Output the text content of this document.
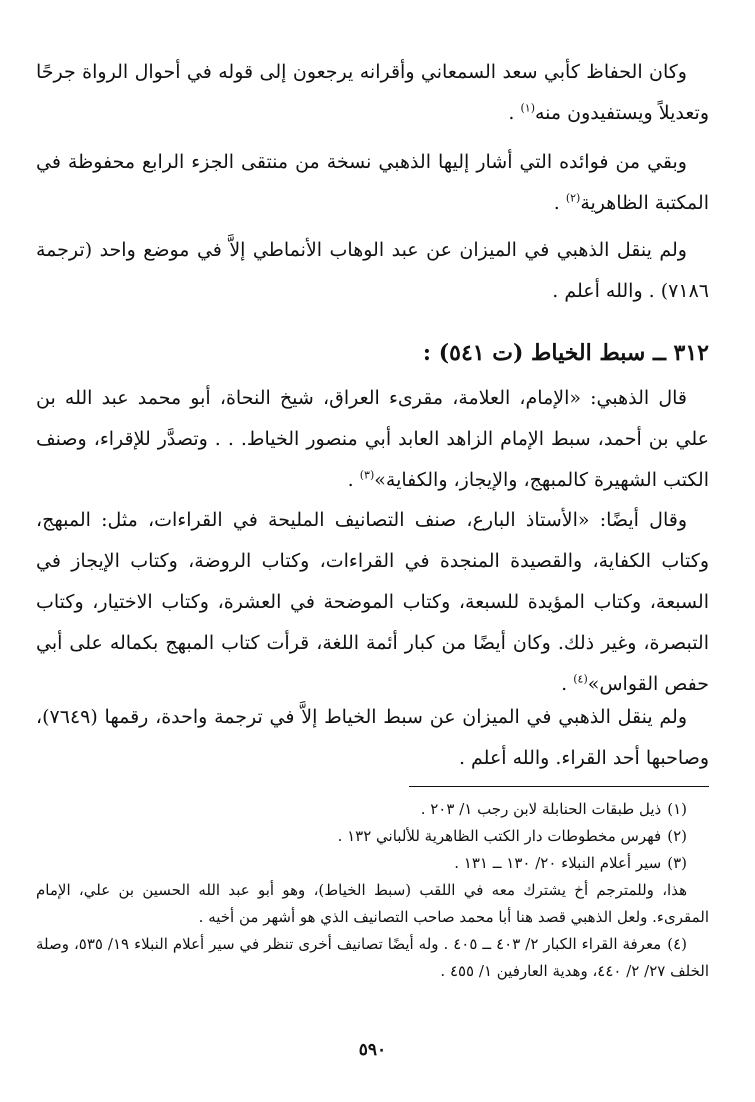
وكان الحفاظ كأبي سعد السمعاني وأقرانه يرجعون إلى قوله في أحوال الرواة جرحًا وتعديلاً ويستفيدون منه$^{(١)}$ .

وبقي من فوائده التي أشار إليها الذهبي نسخة من منتقى الجزء الرابع محفوظة في المكتبة الظاهرية$^{(٢)}$ .

ولم ينقل الذهبي في الميزان عن عبد الوهاب الأنماطي إلاَّ في موضع واحد (ترجمة ٧١٨٦) . والله أعلم .

٣١٢ ــ سبط الخياط (ت ٥٤١) :

قال الذهبي: «الإمام، العلامة، مقرىء العراق، شيخ النحاة، أبو محمد عبد الله بن علي بن أحمد، سبط الإمام الزاهد العابد أبي منصور الخياط. . . وتصدَّر للإقراء، وصنف الكتب الشهيرة كالمبهج، والإيجاز، والكفاية»$^{(٣)}$ .

وقال أيضًا: «الأستاذ البارع، صنف التصانيف المليحة في القراءات، مثل: المبهج، وكتاب الكفاية، والقصيدة المنجدة في القراءات، وكتاب الروضة، وكتاب الإيجاز في السبعة، وكتاب المؤيدة للسبعة، وكتاب الموضحة في العشرة، وكتاب الاختيار، وكتاب التبصرة، وغير ذلك. وكان أيضًا من كبار أئمة اللغة، قرأت كتاب المبهج بكماله على أبي حفص القواس»$^{(٤)}$ .

ولم ينقل الذهبي في الميزان عن سبط الخياط إلاَّ في ترجمة واحدة، رقمها (٧٦٤٩)، وصاحبها أحد القراء. والله أعلم .

(١)ذيل طبقات الحنابلة لابن رجب ١/ ٢٠٣ .

(٢)فهرس مخطوطات دار الكتب الظاهرية للألباني ١٣٢ .

(٣)سير أعلام النبلاء ٢٠/ ١٣٠ ــ ١٣١ .

هذا، وللمترجم أخ يشترك معه في اللقب (سبط الخياط)، وهو أبو عبد الله الحسين بن علي، الإمام المقرىء. ولعل الذهبي قصد هنا أبا محمد صاحب التصانيف الذي هو أشهر من أخيه .

(٤)معرفة القراء الكبار ٢/ ٤٠٣ ــ ٤٠٥ . وله أيضًا تصانيف أخرى تنظر في سير أعلام النبلاء ١٩/ ٥٣٥، وصلة الخلف ٢٧/ ٢/ ٤٤٠، وهدية العارفين ١/ ٤٥٥ .

٥٩٠
